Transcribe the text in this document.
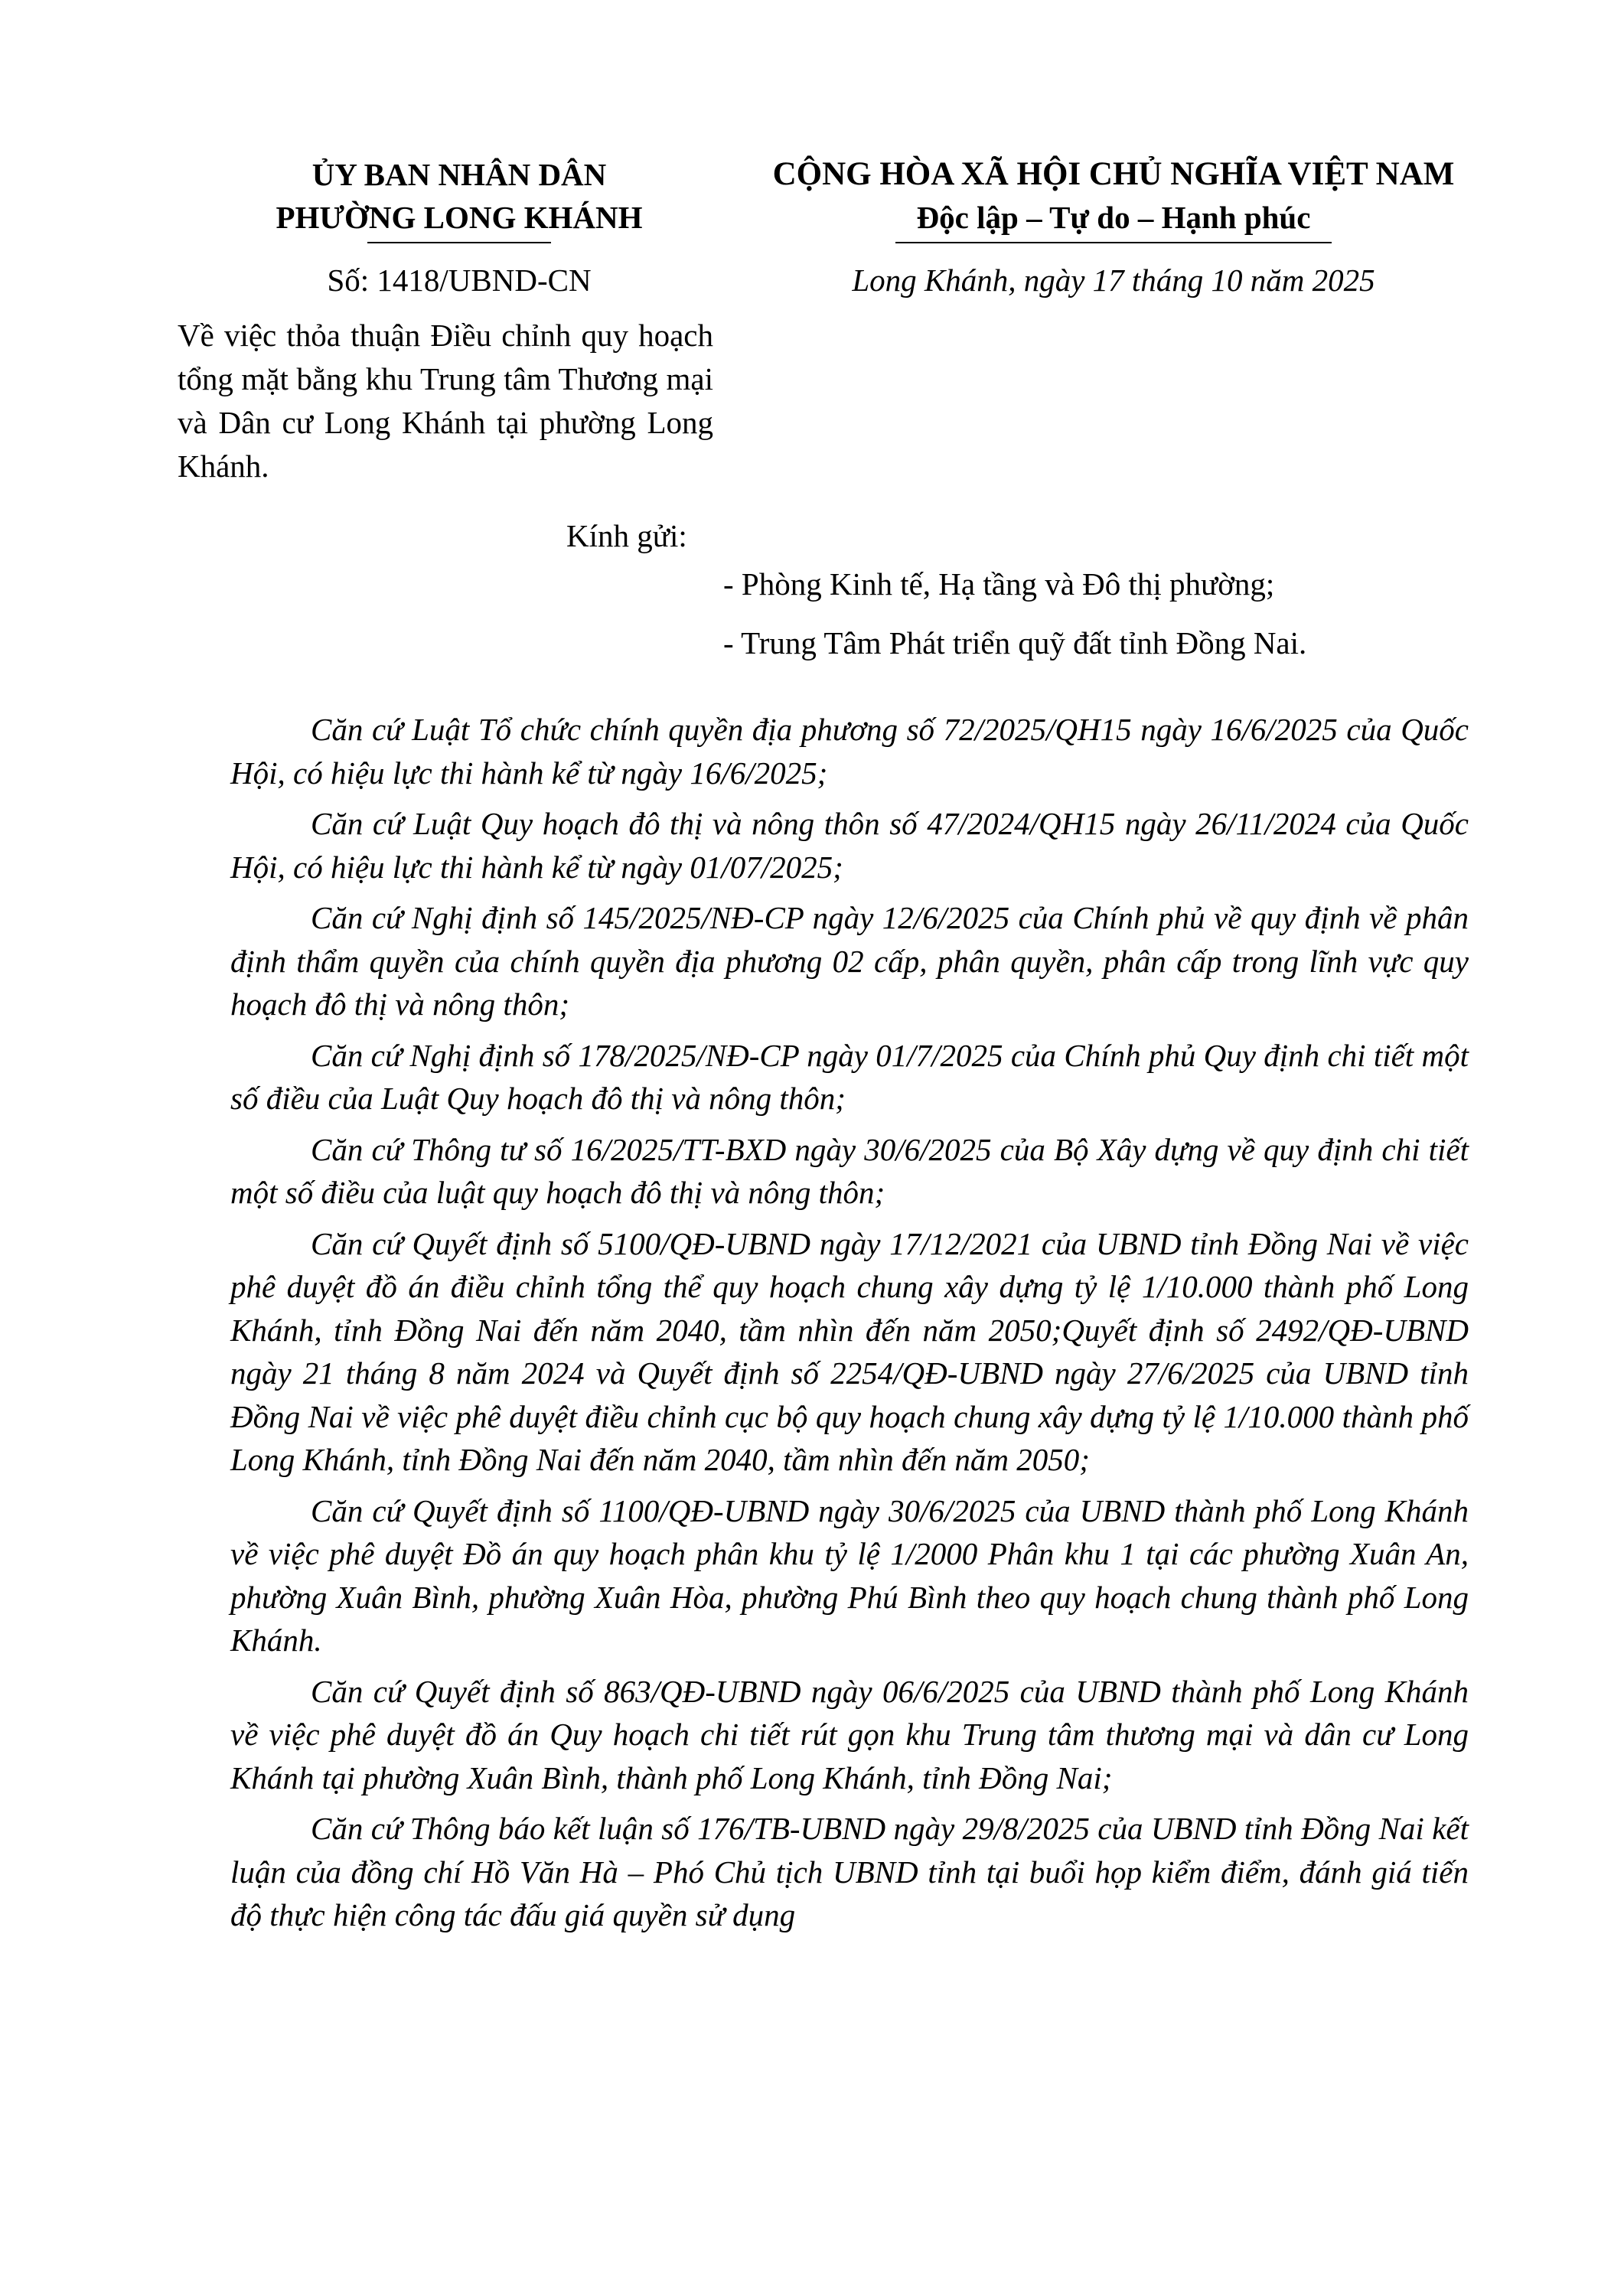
ỦY BAN NHÂN DÂN
PHƯỜNG LONG KHÁNH
Số: 1418/UBND-CN
CỘNG HÒA XÃ HỘI CHỦ NGHĨA VIỆT NAM
Độc lập – Tự do – Hạnh phúc
Long Khánh, ngày 17 tháng 10 năm 2025
Về việc thỏa thuận Điều chỉnh quy hoạch tổng mặt bằng khu Trung tâm Thương mại và Dân cư Long Khánh tại phường Long Khánh.
Kính gửi:
- Phòng Kinh tế, Hạ tầng và Đô thị phường;
- Trung Tâm Phát triển quỹ đất tỉnh Đồng Nai.

Căn cứ Luật Tổ chức chính quyền địa phương số 72/2025/QH15 ngày 16/6/2025 của Quốc Hội, có hiệu lực thi hành kể từ ngày 16/6/2025;

Căn cứ Luật Quy hoạch đô thị và nông thôn số 47/2024/QH15 ngày 26/11/2024 của Quốc Hội, có hiệu lực thi hành kể từ ngày 01/07/2025;

Căn cứ Nghị định số 145/2025/NĐ-CP ngày 12/6/2025 của Chính phủ về quy định về phân định thẩm quyền của chính quyền địa phương 02 cấp, phân quyền, phân cấp trong lĩnh vực quy hoạch đô thị và nông thôn;

Căn cứ Nghị định số 178/2025/NĐ-CP ngày 01/7/2025 của Chính phủ Quy định chi tiết một số điều của Luật Quy hoạch đô thị và nông thôn;

Căn cứ Thông tư số 16/2025/TT-BXD ngày 30/6/2025 của Bộ Xây dựng về quy định chi tiết một số điều của luật quy hoạch đô thị và nông thôn;

Căn cứ Quyết định số 5100/QĐ-UBND ngày 17/12/2021 của UBND tỉnh Đồng Nai về việc phê duyệt đồ án điều chỉnh tổng thể quy hoạch chung xây dựng tỷ lệ 1/10.000 thành phố Long Khánh, tỉnh Đồng Nai đến năm 2040, tầm nhìn đến năm 2050;Quyết định số 2492/QĐ-UBND ngày 21 tháng 8 năm 2024 và Quyết định số 2254/QĐ-UBND ngày 27/6/2025 của UBND tỉnh Đồng Nai về việc phê duyệt điều chỉnh cục bộ quy hoạch chung xây dựng tỷ lệ 1/10.000 thành phố Long Khánh, tỉnh Đồng Nai đến năm 2040, tầm nhìn đến năm 2050;

Căn cứ Quyết định số 1100/QĐ-UBND ngày 30/6/2025 của UBND thành phố Long Khánh về việc phê duyệt Đồ án quy hoạch phân khu tỷ lệ 1/2000 Phân khu 1 tại các phường Xuân An, phường Xuân Bình, phường Xuân Hòa, phường Phú Bình theo quy hoạch chung thành phố Long Khánh.

Căn cứ Quyết định số 863/QĐ-UBND ngày 06/6/2025 của UBND thành phố Long Khánh về việc phê duyệt đồ án Quy hoạch chi tiết rút gọn khu Trung tâm thương mại và dân cư Long Khánh tại phường Xuân Bình, thành phố Long Khánh, tỉnh Đồng Nai;

Căn cứ Thông báo kết luận số 176/TB-UBND ngày 29/8/2025 của UBND tỉnh Đồng Nai kết luận của đồng chí Hồ Văn Hà – Phó Chủ tịch UBND tỉnh tại buổi họp kiểm điểm, đánh giá tiến độ thực hiện công tác đấu giá quyền sử dụng
